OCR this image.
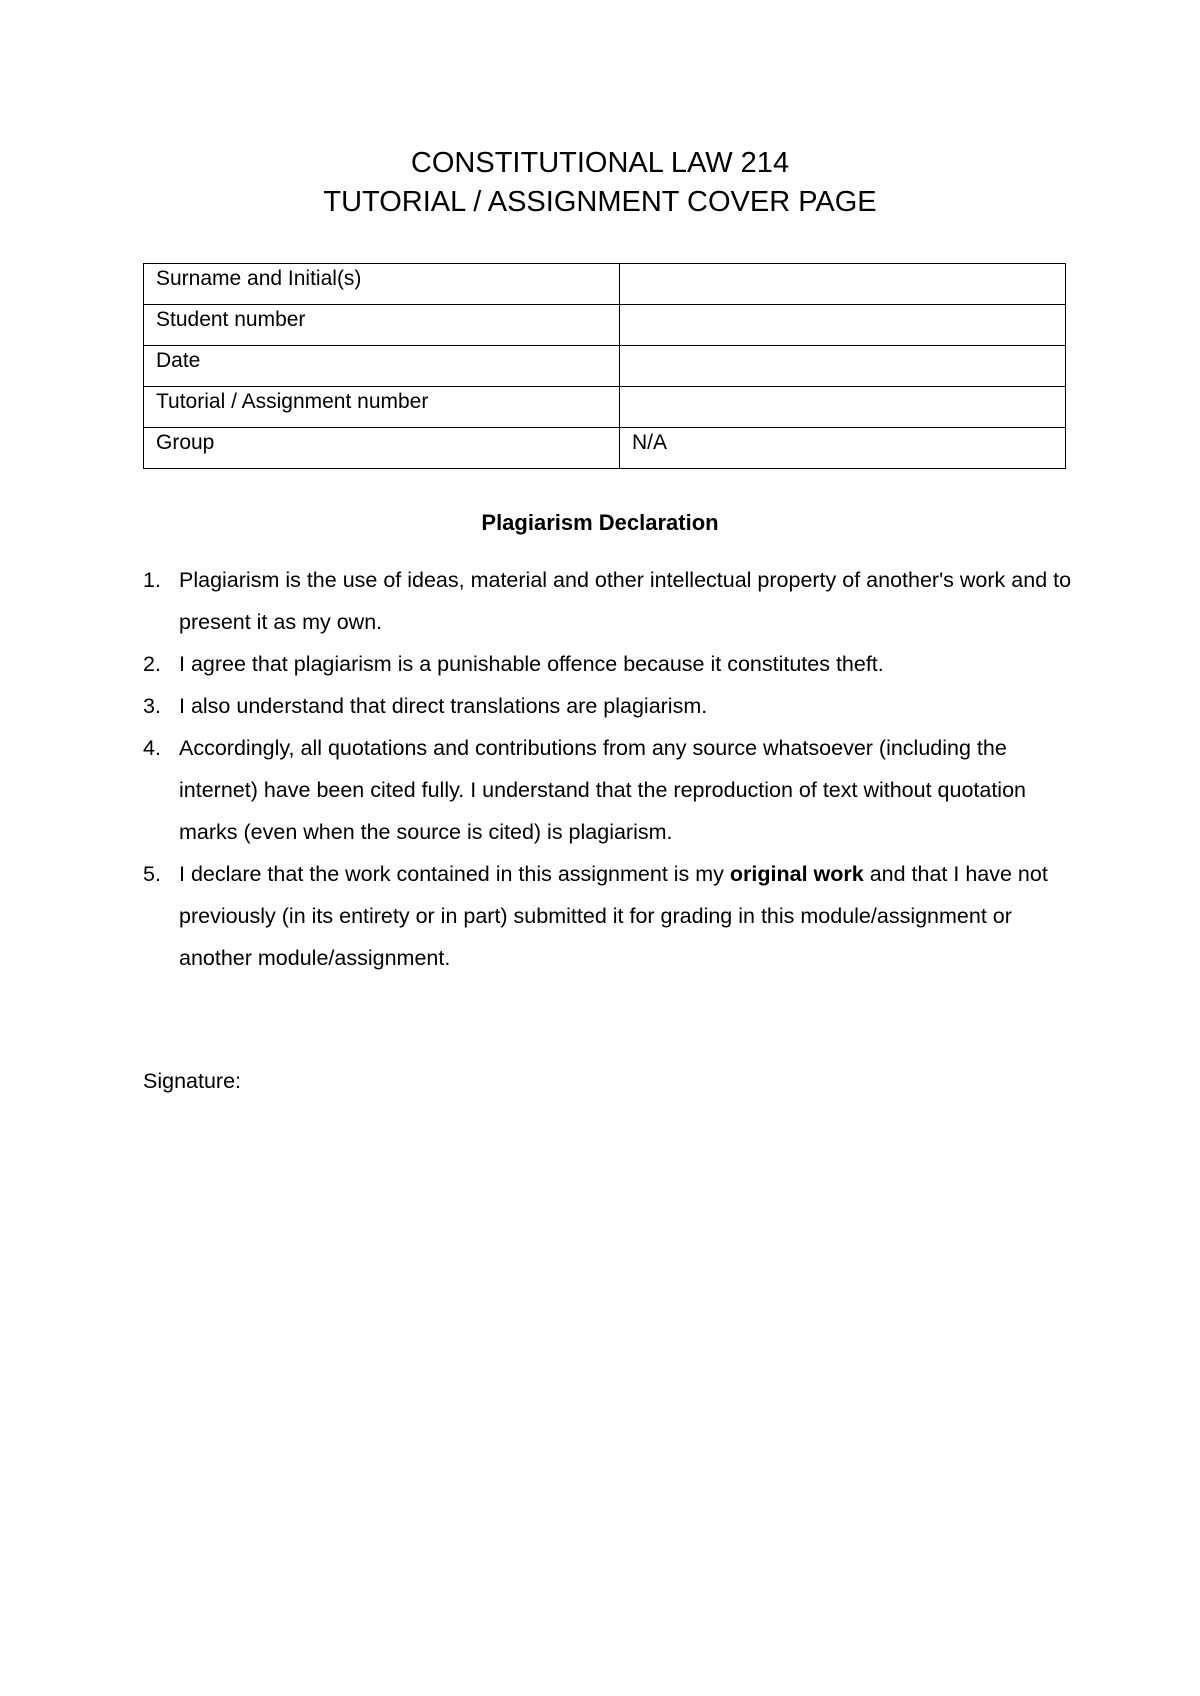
CONSTITUTIONAL LAW 214
TUTORIAL / ASSIGNMENT COVER PAGE
Surname and Initial(s)	
Student number	
Date	
Tutorial / Assignment number	
Group	N/A
Plagiarism Declaration
1. Plagiarism is the use of ideas, material and other intellectual property of another's work and to present it as my own.
2. I agree that plagiarism is a punishable offence because it constitutes theft.
3. I also understand that direct translations are plagiarism.
4. Accordingly, all quotations and contributions from any source whatsoever (including the internet) have been cited fully. I understand that the reproduction of text without quotation marks (even when the source is cited) is plagiarism.
5. I declare that the work contained in this assignment is my original work and that I have not previously (in its entirety or in part) submitted it for grading in this module/assignment or another module/assignment.
Signature:
